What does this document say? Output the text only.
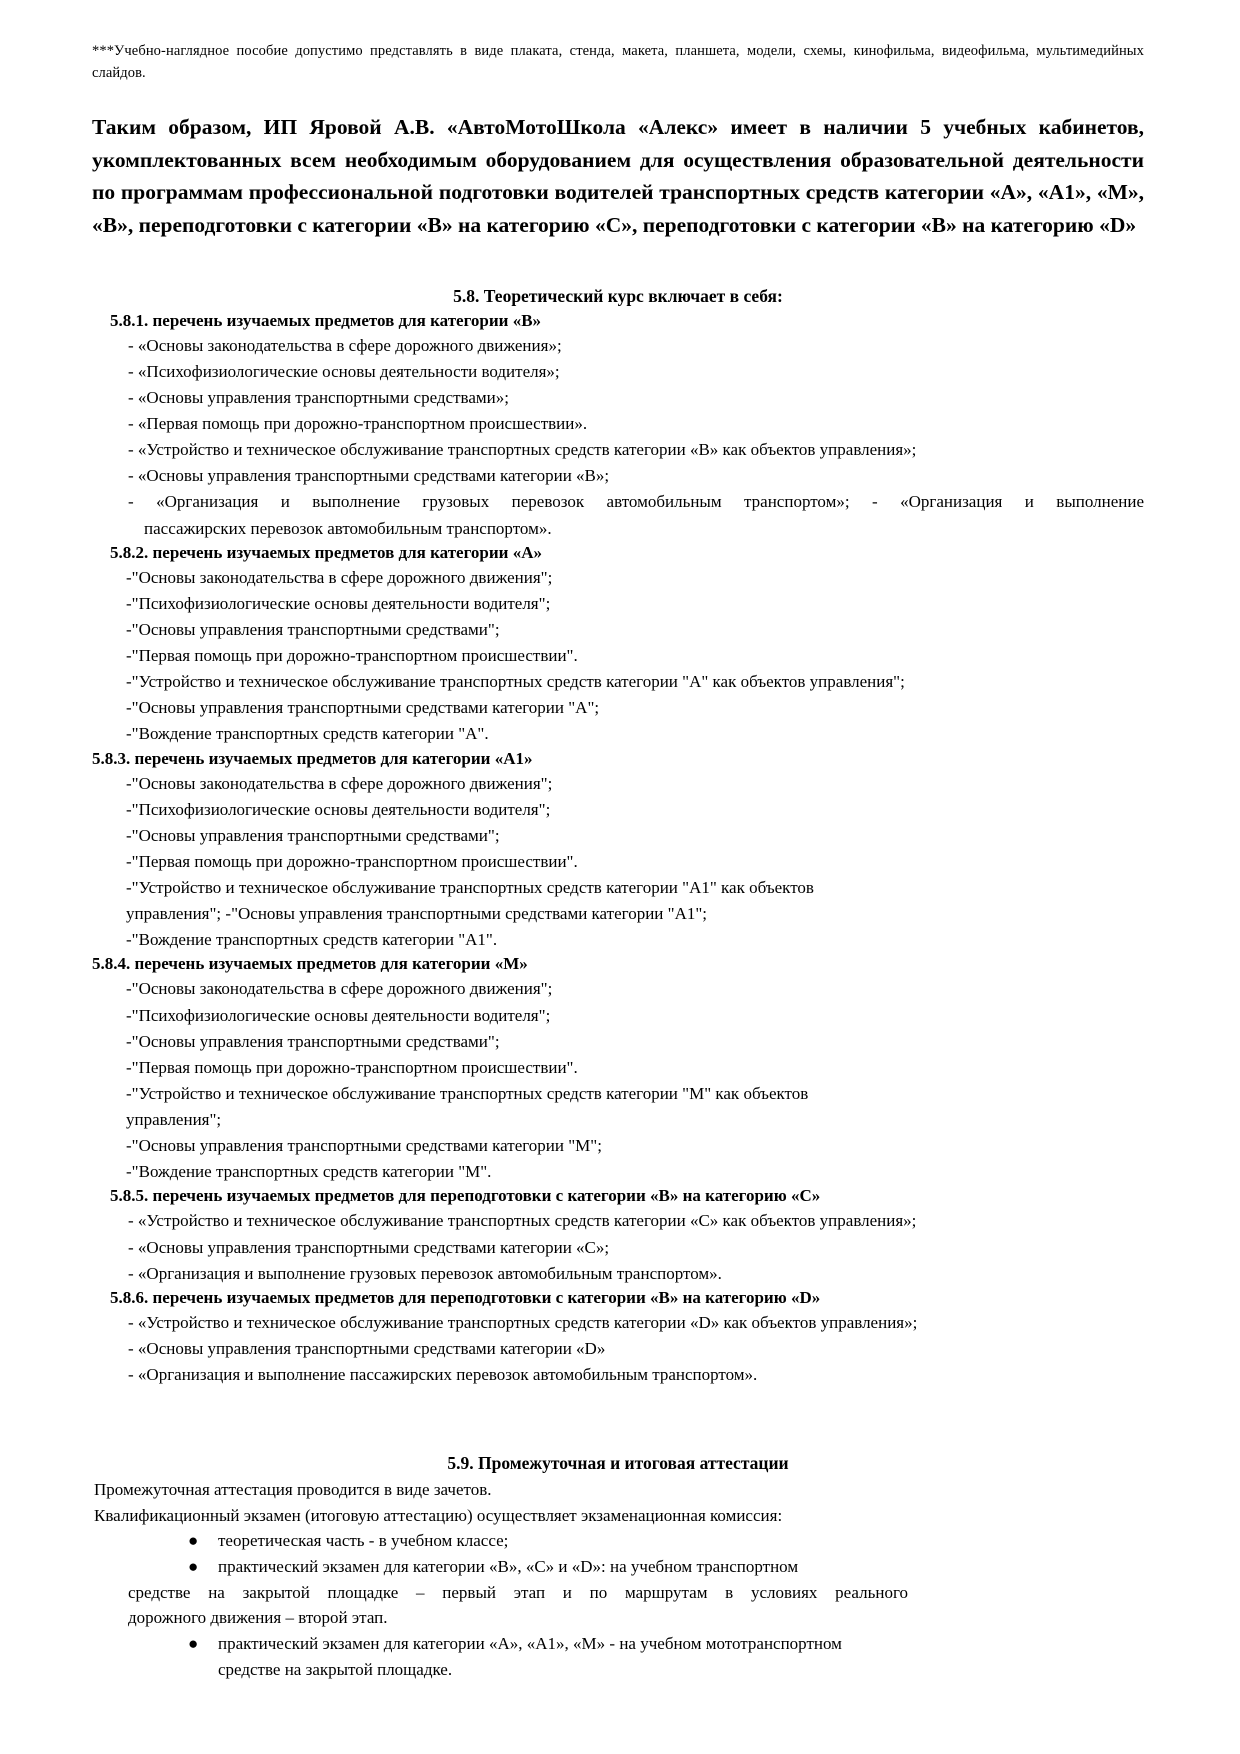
***Учебно-наглядное пособие допустимо представлять в виде плаката, стенда, макета, планшета, модели, схемы, кинофильма, видеофильма, мультимедийных слайдов.

Таким образом, ИП Яровой А.В. «АвтоМотоШкола «Алекс» имеет в наличии 5 учебных кабинетов, укомплектованных всем необходимым оборудованием для осуществления образовательной деятельности по программам профессиональной подготовки водителей транспортных средств категории «А», «А1», «М», «В», переподготовки с категории «В» на категорию «С», переподготовки с категории «В» на категорию «D»

5.8. Теоретический курс включает в себя:
5.8.1. перечень изучаемых предметов для категории «В»

- «Основы законодательства в сфере дорожного движения»;

- «Психофизиологические основы деятельности водителя»;

- «Основы управления транспортными средствами»;

- «Первая помощь при дорожно-транспортном происшествии».

- «Устройство и техническое обслуживание транспортных средств категории «В» как объектов управления»;

- «Основы управления транспортными средствами категории «В»;

- «Организация и выполнение грузовых перевозок автомобильным транспортом»; - «Организация и выполнение

пассажирских перевозок автомобильным транспортом».

5.8.2. перечень изучаемых предметов для категории «А»

-"Основы законодательства в сфере дорожного движения";

-"Психофизиологические основы деятельности водителя";

-"Основы управления транспортными средствами";

-"Первая помощь при дорожно-транспортном происшествии".

-"Устройство и техническое обслуживание транспортных средств категории "А" как объектов управления";

-"Основы управления транспортными средствами категории "А";

-"Вождение транспортных средств категории "А".

5.8.3. перечень изучаемых предметов для категории «А1»

-"Основы законодательства в сфере дорожного движения";

-"Психофизиологические основы деятельности водителя";

-"Основы управления транспортными средствами";

-"Первая помощь при дорожно-транспортном происшествии".

-"Устройство и техническое обслуживание транспортных средств категории "А1" как объектов

управления"; -"Основы управления транспортными средствами категории "А1";

-"Вождение транспортных средств категории "А1".

5.8.4. перечень изучаемых предметов для категории «М»

-"Основы законодательства в сфере дорожного движения";

-"Психофизиологические основы деятельности водителя";

-"Основы управления транспортными средствами";

-"Первая помощь при дорожно-транспортном происшествии".

-"Устройство и техническое обслуживание транспортных средств категории "М" как объектов

управления";

-"Основы управления транспортными средствами категории "М";

-"Вождение транспортных средств категории "М".

5.8.5. перечень изучаемых предметов для переподготовки с категории «В» на категорию «С»

- «Устройство и техническое обслуживание транспортных средств категории «С» как объектов управления»;

- «Основы управления транспортными средствами категории «С»;

- «Организация и выполнение грузовых перевозок автомобильным транспортом».

5.8.6. перечень изучаемых предметов для переподготовки с категории «В» на категорию «D»

- «Устройство и техническое обслуживание транспортных средств категории «D» как объектов управления»;

- «Основы управления транспортными средствами категории «D»

- «Организация и выполнение пассажирских перевозок автомобильным транспортом».

5.9. Промежуточная и итоговая аттестации

Промежуточная аттестация проводится в виде зачетов.

Квалификационный экзамен (итоговую аттестацию) осуществляет экзаменационная комиссия:

● теоретическая часть - в учебном классе;
● практический экзамен для категории «В», «С» и «D»: на учебном транспортном

средстве на закрытой площадке – первый этап и по маршрутам в условиях реального

дорожного движения – второй этап.

● практический экзамен для категории «А», «А1», «М» - на учебном мототранспортном

средстве на закрытой площадке.
